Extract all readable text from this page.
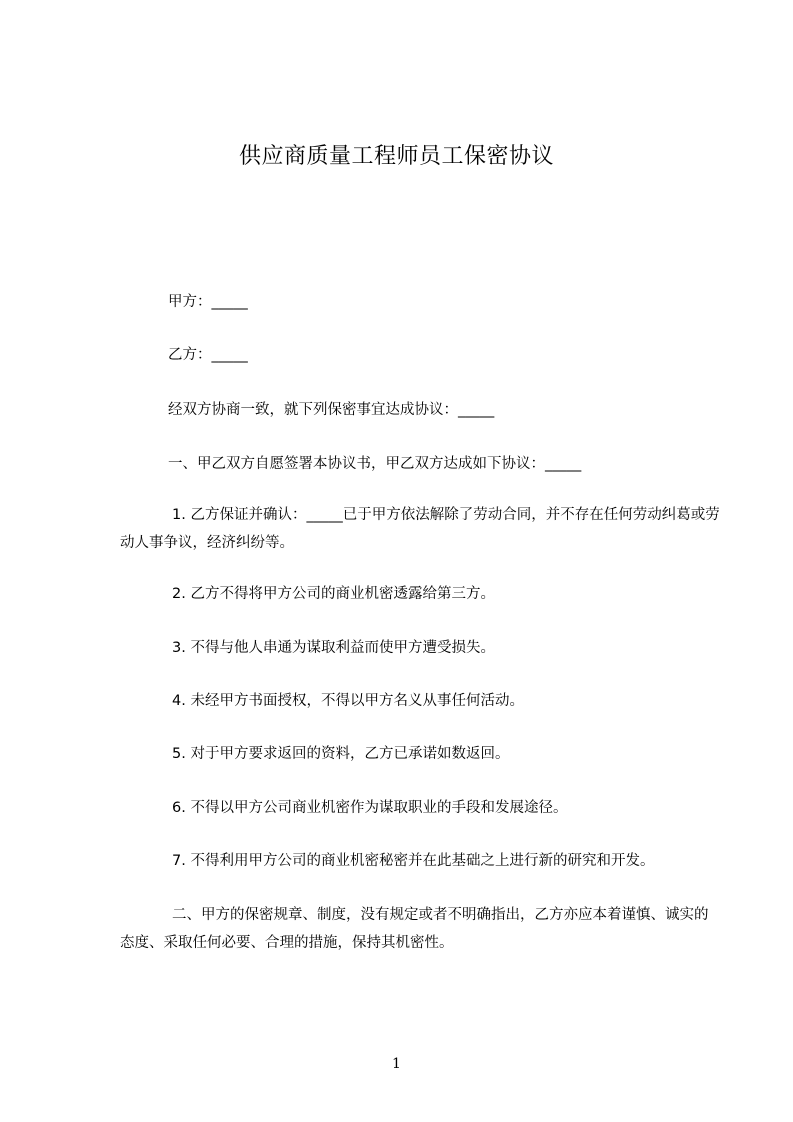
供应商质量工程师员工保密协议

甲方：_____

乙方：_____

经双方协商一致，就下列保密事宜达成协议：_____

一、甲乙双方自愿签署本协议书，甲乙双方达成如下协议：_____

1. 乙方保证并确认：_____已于甲方依法解除了劳动合同，并不存在任何劳动纠葛或劳动人事争议，经济纠纷等。

2. 乙方不得将甲方公司的商业机密透露给第三方。

3. 不得与他人串通为谋取利益而使甲方遭受损失。

4. 未经甲方书面授权，不得以甲方名义从事任何活动。

5. 对于甲方要求返回的资料，乙方已承诺如数返回。

6. 不得以甲方公司商业机密作为谋取职业的手段和发展途径。

7. 不得利用甲方公司的商业机密秘密并在此基础之上进行新的研究和开发。

二、甲方的保密规章、制度，没有规定或者不明确指出，乙方亦应本着谨慎、诚实的态度、采取任何必要、合理的措施，保持其机密性。

1
